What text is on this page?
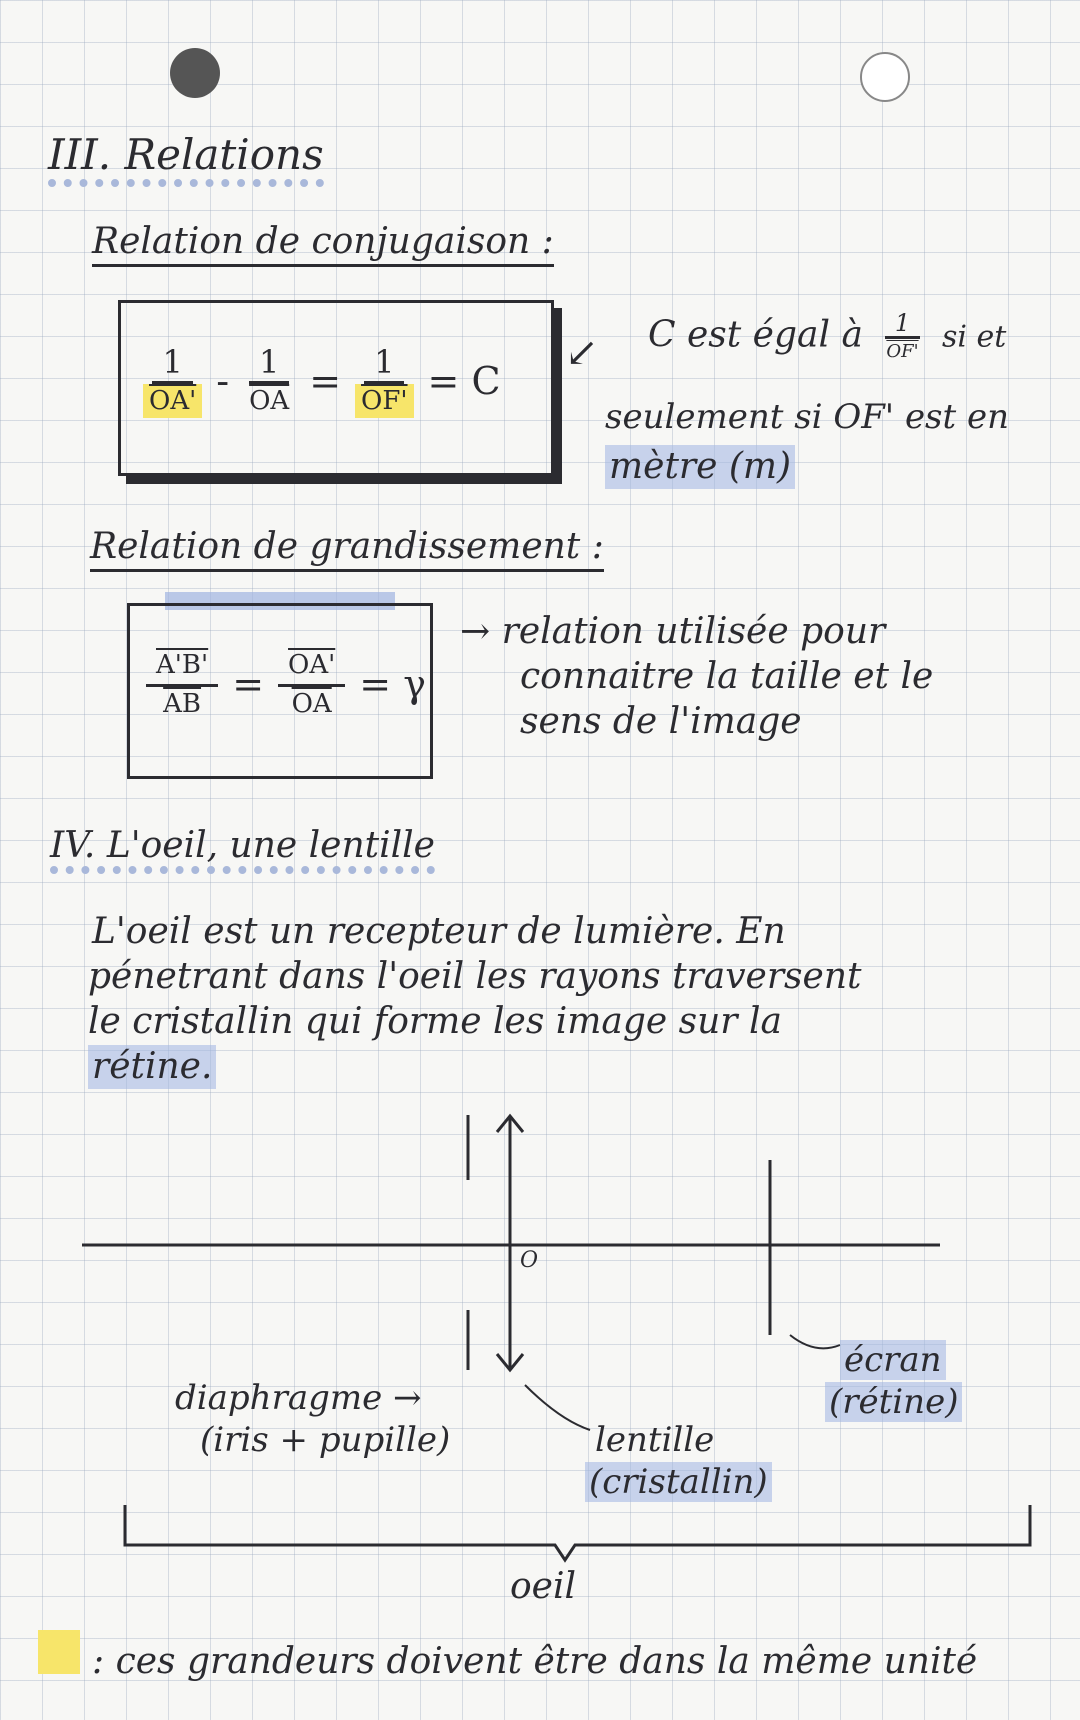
III. Relations
Relation de conjugaison :
$\frac{1}{OA'} - \frac{1}{OA} = \frac{1}{OF'} = C$
↙ C est égal à $\frac{1}{OF'}$ si et
seulement si OF' est en
mètre (m)
Relation de grandissement :
$\frac{A'B'}{AB} = \frac{OA'}{OA} = \gamma$
→ relation utilisée pour
connaitre la taille et le
sens de l'image
IV. L'oeil, une lentille
L'oeil est un recepteur de lumière. En
pénetrant dans l'oeil les rayons traversent
le cristallin qui forme les image sur la
rétine.
O
diaphragme →
(iris + pupille)	lentille
(cristallin)
écran
(rétine)
oeil
: ces grandeurs doivent être dans la même unité
